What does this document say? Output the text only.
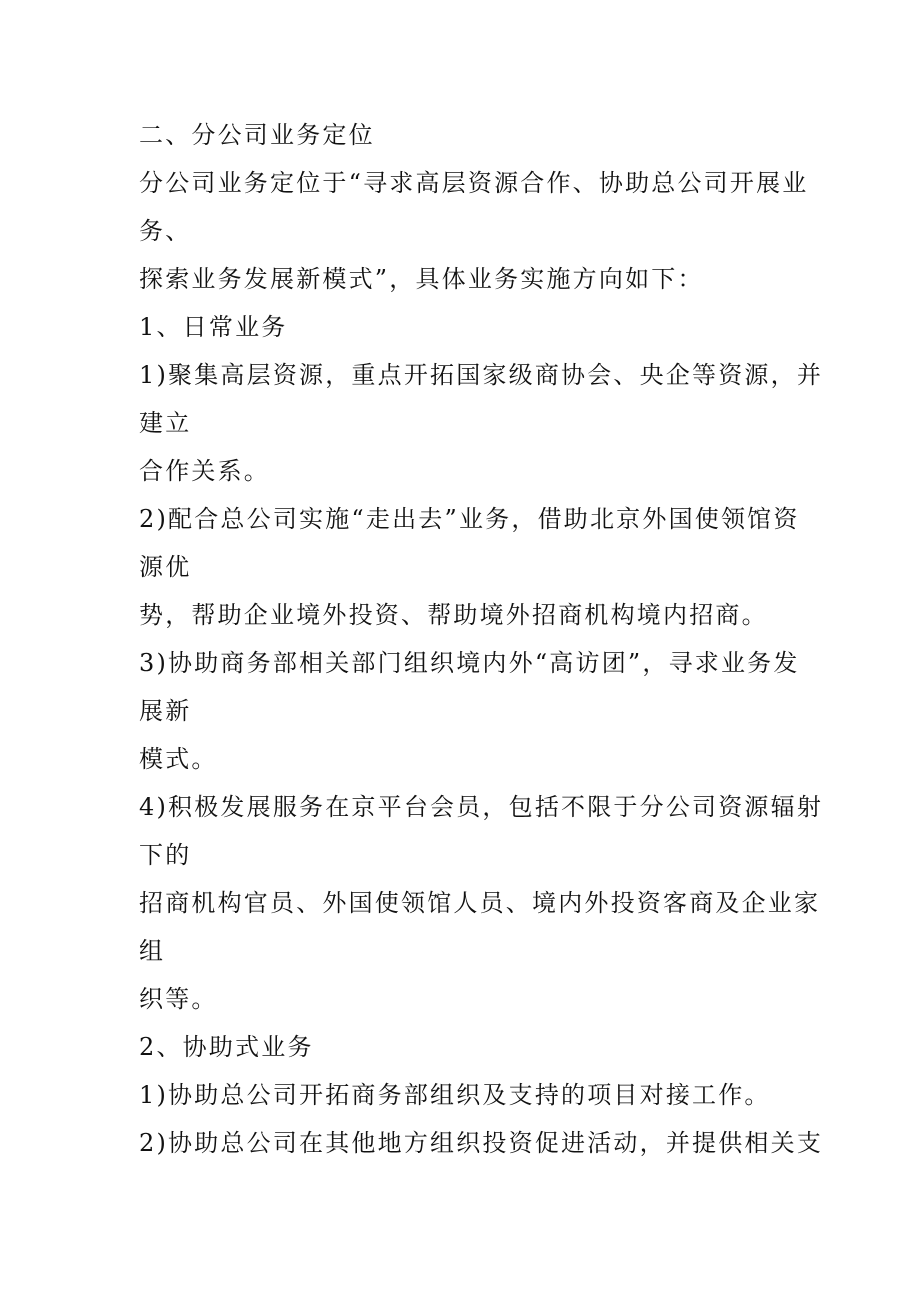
二、分公司业务定位
分公司业务定位于“寻求高层资源合作、协助总公司开展业
务、
探索业务发展新模式”，具体业务实施方向如下：
1、日常业务
1)聚集高层资源，重点开拓国家级商协会、央企等资源，并
建立
合作关系。
2)配合总公司实施“走出去”业务，借助北京外国使领馆资
源优
势，帮助企业境外投资、帮助境外招商机构境内招商。
3)协助商务部相关部门组织境内外“高访团”，寻求业务发
展新
模式。
4)积极发展服务在京平台会员，包括不限于分公司资源辐射
下的
招商机构官员、外国使领馆人员、境内外投资客商及企业家
组
织等。
2、协助式业务
1)协助总公司开拓商务部组织及支持的项目对接工作。
2)协助总公司在其他地方组织投资促进活动，并提供相关支
